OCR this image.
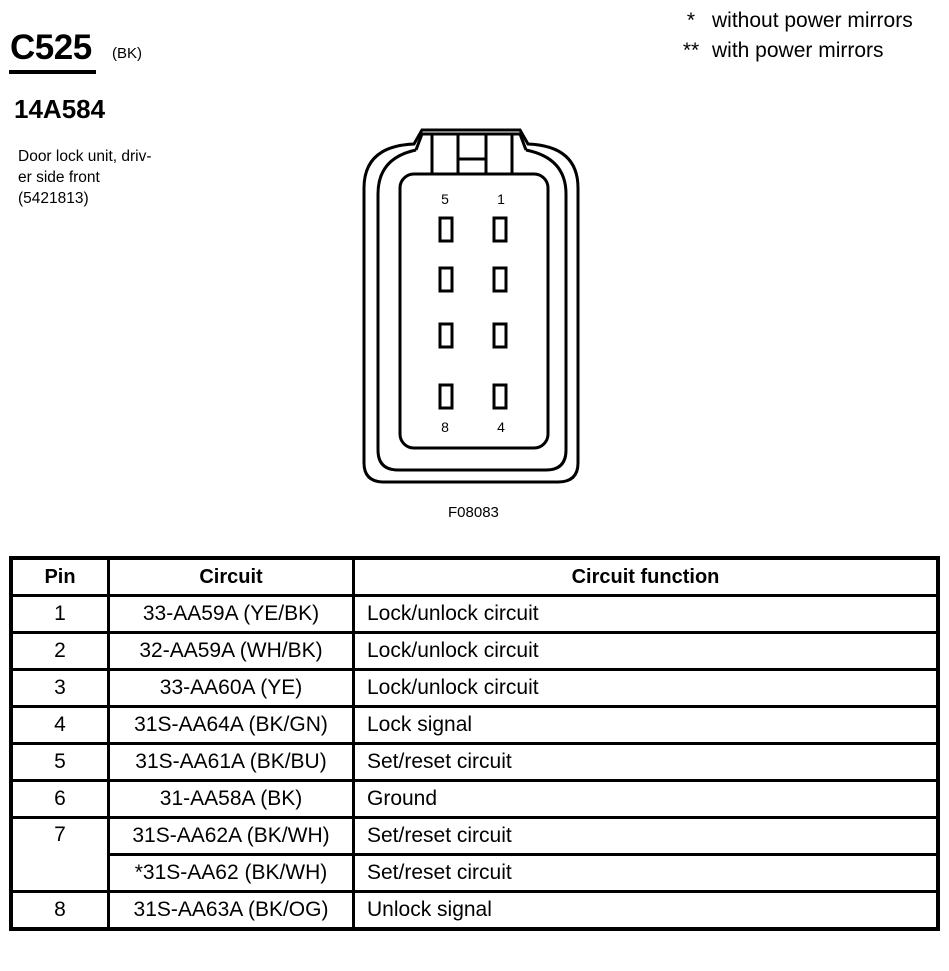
C525 (BK)
14A584
Door lock unit, driv-
er side front
(5421813)
* without power mirrors
** with power mirrors
5	1
8	4
F08083
Pin	Circuit	Circuit function
1	33-AA59A (YE/BK)	Lock/unlock circuit
2	32-AA59A (WH/BK)	Lock/unlock circuit
3	33-AA60A (YE)	Lock/unlock circuit
4	31S-AA64A (BK/GN)	Lock signal
5	31S-AA61A (BK/BU)	Set/reset circuit
6	31-AA58A (BK)	Ground
7	31S-AA62A (BK/WH)	Set/reset circuit
	*31S-AA62 (BK/WH)	Set/reset circuit
8	31S-AA63A (BK/OG)	Unlock signal
